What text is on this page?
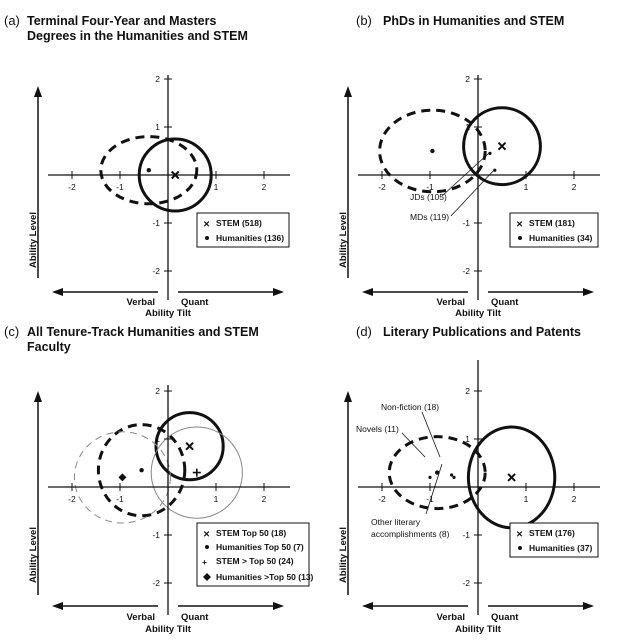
(a) Terminal Four-Year and Masters
Degrees in the Humanities and STEM
-2	-1	1	2
2
1
-1
-2
Ability Level
Verbal	Quant
Ability Tilt
✕ STEM (518)
Humanities (136)
(b) PhDs in Humanities and STEM
-2	-1	1	2
2
1
-1
-2
Ability Level
Verbal	Quant
Ability Tilt
JDs (105)
MDs (119)
✕ STEM (181)
Humanities (34)
(c) All Tenure-Track Humanities and STEM
Faculty
-2	-1	1	2
2
1
-1
-2
Ability Level
Verbal	Quant
Ability Tilt
✕ STEM Top 50 (18)
Humanities Top 50 (7)
+ STEM > Top 50 (24)
Humanities >Top 50 (13)
(d) Literary Publications and Patents
-2	-1	1	2
2
1
-1
-2
Ability Level
Verbal	Quant
Ability Tilt
Non-fiction (18)
Novels (11)
Other literary
accomplishments (8)	✕ STEM (176)
Humanities (37)
